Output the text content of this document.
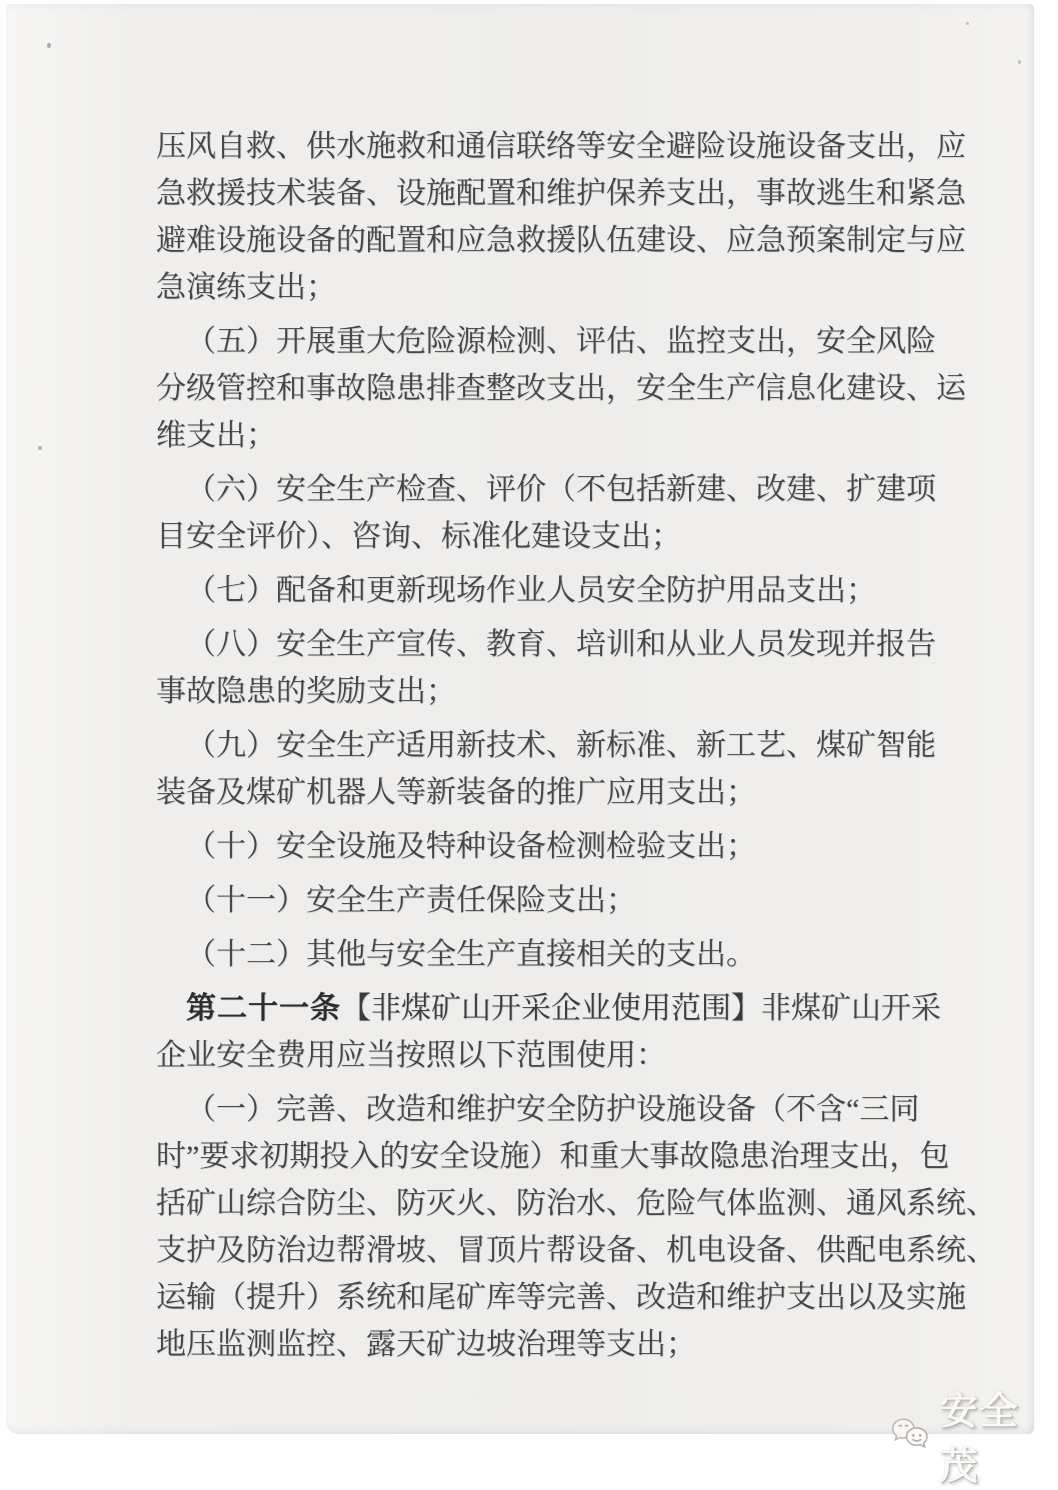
压风自救、供水施救和通信联络等安全避险设施设备支出，应
急救援技术装备、设施配置和维护保养支出，事故逃生和紧急
避难设施设备的配置和应急救援队伍建设、应急预案制定与应
急演练支出；
（五）开展重大危险源检测、评估、监控支出，安全风险
分级管控和事故隐患排查整改支出，安全生产信息化建设、运
维支出；
（六）安全生产检查、评价（不包括新建、改建、扩建项
目安全评价）、咨询、标准化建设支出；
（七）配备和更新现场作业人员安全防护用品支出；
（八）安全生产宣传、教育、培训和从业人员发现并报告
事故隐患的奖励支出；
（九）安全生产适用新技术、新标准、新工艺、煤矿智能
装备及煤矿机器人等新装备的推广应用支出；
（十）安全设施及特种设备检测检验支出；
（十一）安全生产责任保险支出；
（十二）其他与安全生产直接相关的支出。
第二十一条【非煤矿山开采企业使用范围】非煤矿山开采
企业安全费用应当按照以下范围使用：
（一）完善、改造和维护安全防护设施设备（不含“三同
时”要求初期投入的安全设施）和重大事故隐患治理支出，包
括矿山综合防尘、防灭火、防治水、危险气体监测、通风系统、
支护及防治边帮滑坡、冒顶片帮设备、机电设备、供配电系统、
运输（提升）系统和尾矿库等完善、改造和维护支出以及实施
地压监测监控、露天矿边坡治理等支出；
安全茂
